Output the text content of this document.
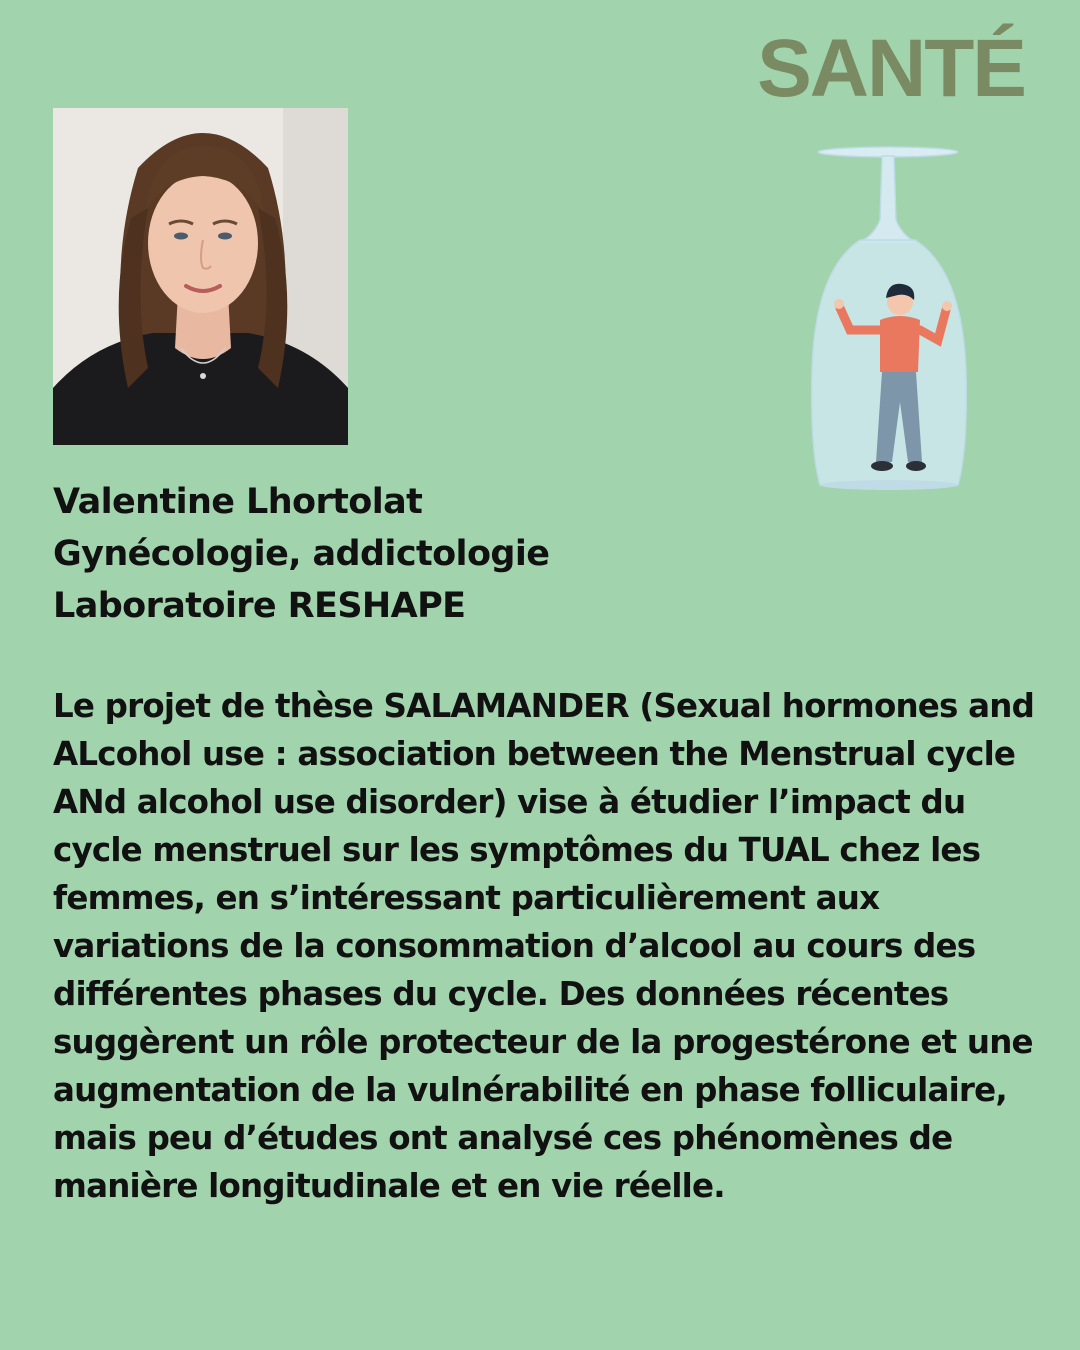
SANTÉ
Valentine Lhortolat
Gynécologie, addictologie
Laboratoire RESHAPE
Le projet de thèse SALAMANDER (Sexual hormones and ALcohol use : association between the Menstrual cycle ANd alcohol use disorder) vise à étudier l’impact du cycle menstruel sur les symptômes du TUAL chez les femmes, en s’intéressant particulièrement aux variations de la consommation d’alcool au cours des différentes phases du cycle. Des données récentes suggèrent un rôle protecteur de la progestérone et une augmentation de la vulnérabilité en phase folliculaire, mais peu d’études ont analysé ces phénomènes de manière longitudinale et en vie réelle.
